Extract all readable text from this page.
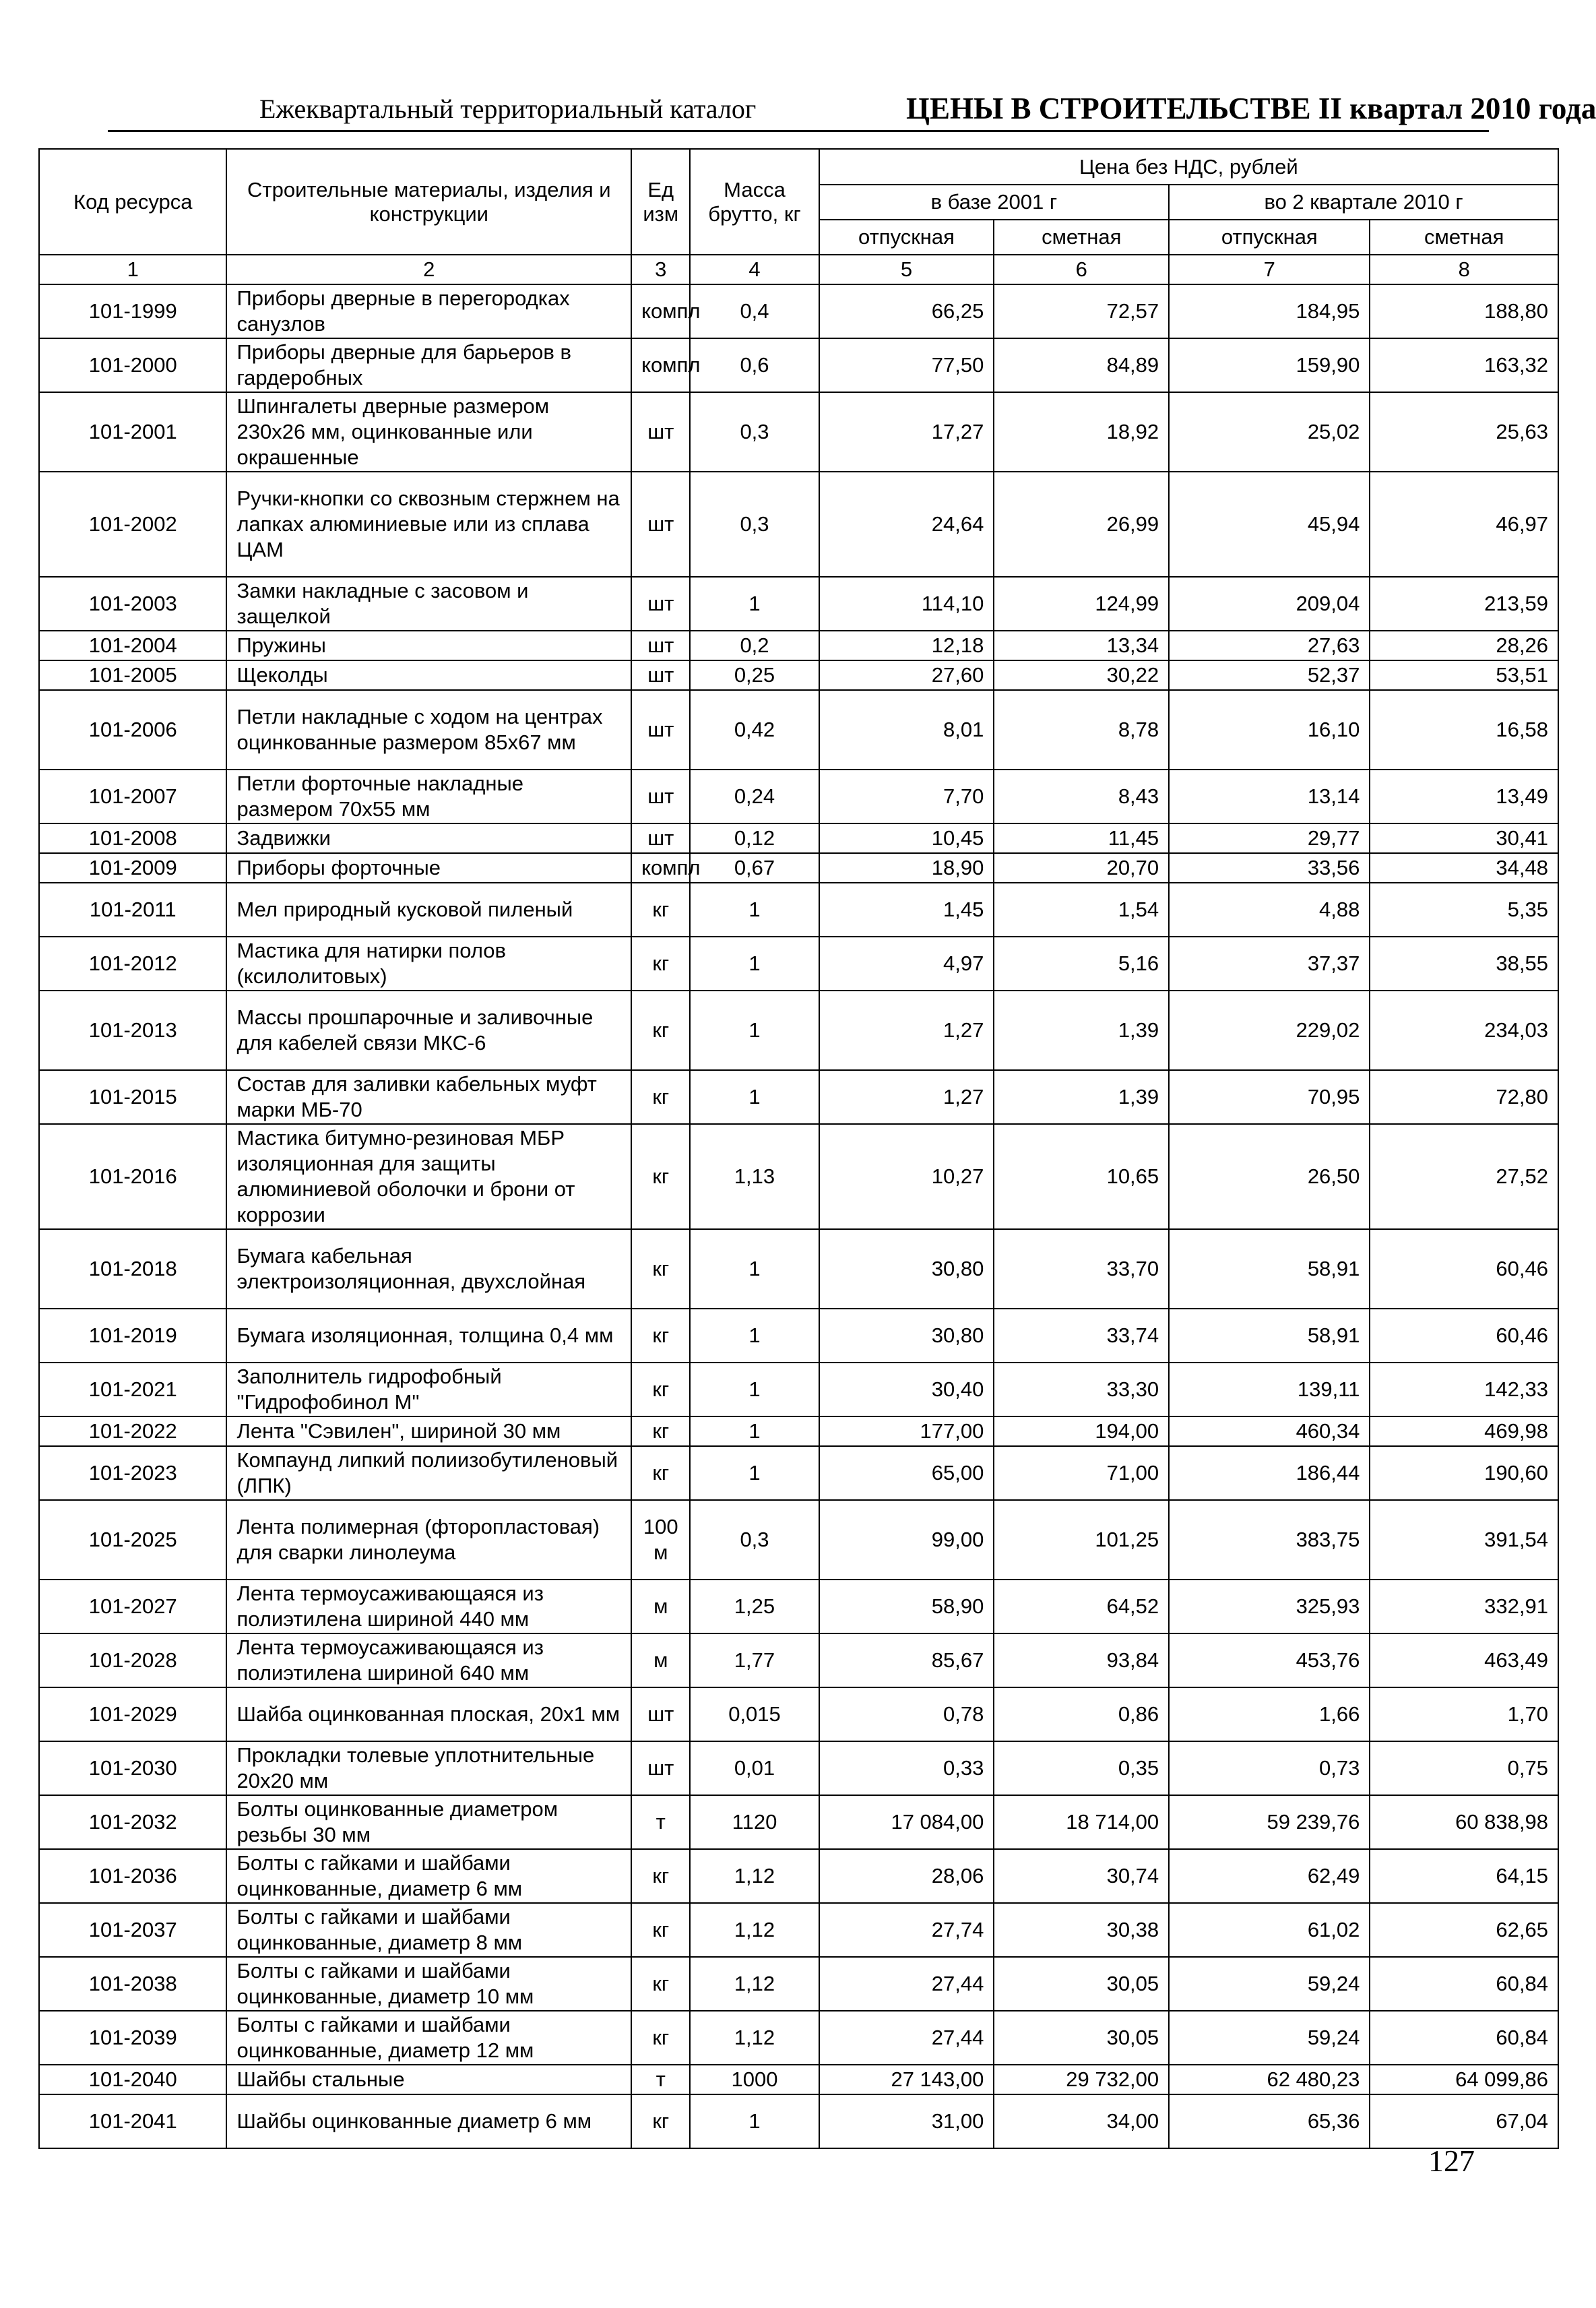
Ежеквартальный территориальный каталог	ЦЕНЫ В СТРОИТЕЛЬСТВЕ II квартал 2010 года
Код ресурса	Строительные материалы, изделия и конструкции	Ед изм	Масса брутто, кг	Цена без НДС, рублей			
				в базе 2001 г		во 2 квартале 2010 г	
				отпускная	сметная	отпускная	сметная
1	2	3	4	5	6	7	8
101-1999	Приборы дверные в перегородках санузлов	компл	0,4	66,25	72,57	184,95	188,80
101-2000	Приборы дверные для барьеров в гардеробных	компл	0,6	77,50	84,89	159,90	163,32
101-2001	Шпингалеты дверные размером 230х26 мм, оцинкованные или окрашенные	шт	0,3	17,27	18,92	25,02	25,63
101-2002	Ручки-кнопки со сквозным стержнем на лапках алюминиевые или из сплава ЦАМ	шт	0,3	24,64	26,99	45,94	46,97
101-2003	Замки накладные с засовом и защелкой	шт	1	114,10	124,99	209,04	213,59
101-2004	Пружины	шт	0,2	12,18	13,34	27,63	28,26
101-2005	Щеколды	шт	0,25	27,60	30,22	52,37	53,51
101-2006	Петли накладные с ходом на центрах оцинкованные размером 85х67 мм	шт	0,42	8,01	8,78	16,10	16,58
101-2007	Петли форточные накладные размером 70х55 мм	шт	0,24	7,70	8,43	13,14	13,49
101-2008	Задвижки	шт	0,12	10,45	11,45	29,77	30,41
101-2009	Приборы форточные	компл	0,67	18,90	20,70	33,56	34,48
101-2011	Мел природный кусковой пиленый	кг	1	1,45	1,54	4,88	5,35
101-2012	Мастика для натирки полов (ксилолитовых)	кг	1	4,97	5,16	37,37	38,55
101-2013	Массы прошпарочные и заливочные для кабелей связи МКС-6	кг	1	1,27	1,39	229,02	234,03
101-2015	Состав для заливки кабельных муфт марки МБ-70	кг	1	1,27	1,39	70,95	72,80
101-2016	Мастика битумно-резиновая МБР изоляционная для защиты алюминиевой оболочки и брони от коррозии	кг	1,13	10,27	10,65	26,50	27,52
101-2018	Бумага кабельная электроизоляционная, двухслойная	кг	1	30,80	33,70	58,91	60,46
101-2019	Бумага изоляционная, толщина 0,4 мм	кг	1	30,80	33,74	58,91	60,46
101-2021	Заполнитель гидрофобный "Гидрофобинол М"	кг	1	30,40	33,30	139,11	142,33
101-2022	Лента "Сэвилен", шириной 30 мм	кг	1	177,00	194,00	460,34	469,98
101-2023	Компаунд липкий полиизобутиленовый (ЛПК)	кг	1	65,00	71,00	186,44	190,60
101-2025	Лента полимерная (фторопластовая) для сварки линолеума	100 м	0,3	99,00	101,25	383,75	391,54
101-2027	Лента термоусаживающаяся из полиэтилена шириной 440 мм	м	1,25	58,90	64,52	325,93	332,91
101-2028	Лента термоусаживающаяся из полиэтилена шириной 640 мм	м	1,77	85,67	93,84	453,76	463,49
101-2029	Шайба оцинкованная плоская, 20х1 мм	шт	0,015	0,78	0,86	1,66	1,70
101-2030	Прокладки толевые уплотнительные 20х20 мм	шт	0,01	0,33	0,35	0,73	0,75
101-2032	Болты оцинкованные диаметром резьбы 30 мм	т	1120	17 084,00	18 714,00	59 239,76	60 838,98
101-2036	Болты с гайками и шайбами оцинкованные, диаметр 6 мм	кг	1,12	28,06	30,74	62,49	64,15
101-2037	Болты с гайками и шайбами оцинкованные, диаметр 8 мм	кг	1,12	27,74	30,38	61,02	62,65
101-2038	Болты с гайками и шайбами оцинкованные, диаметр 10 мм	кг	1,12	27,44	30,05	59,24	60,84
101-2039	Болты с гайками и шайбами оцинкованные, диаметр 12 мм	кг	1,12	27,44	30,05	59,24	60,84
101-2040	Шайбы стальные	т	1000	27 143,00	29 732,00	62 480,23	64 099,86
101-2041	Шайбы оцинкованные диаметр 6 мм	кг	1	31,00	34,00	65,36	67,04
127
